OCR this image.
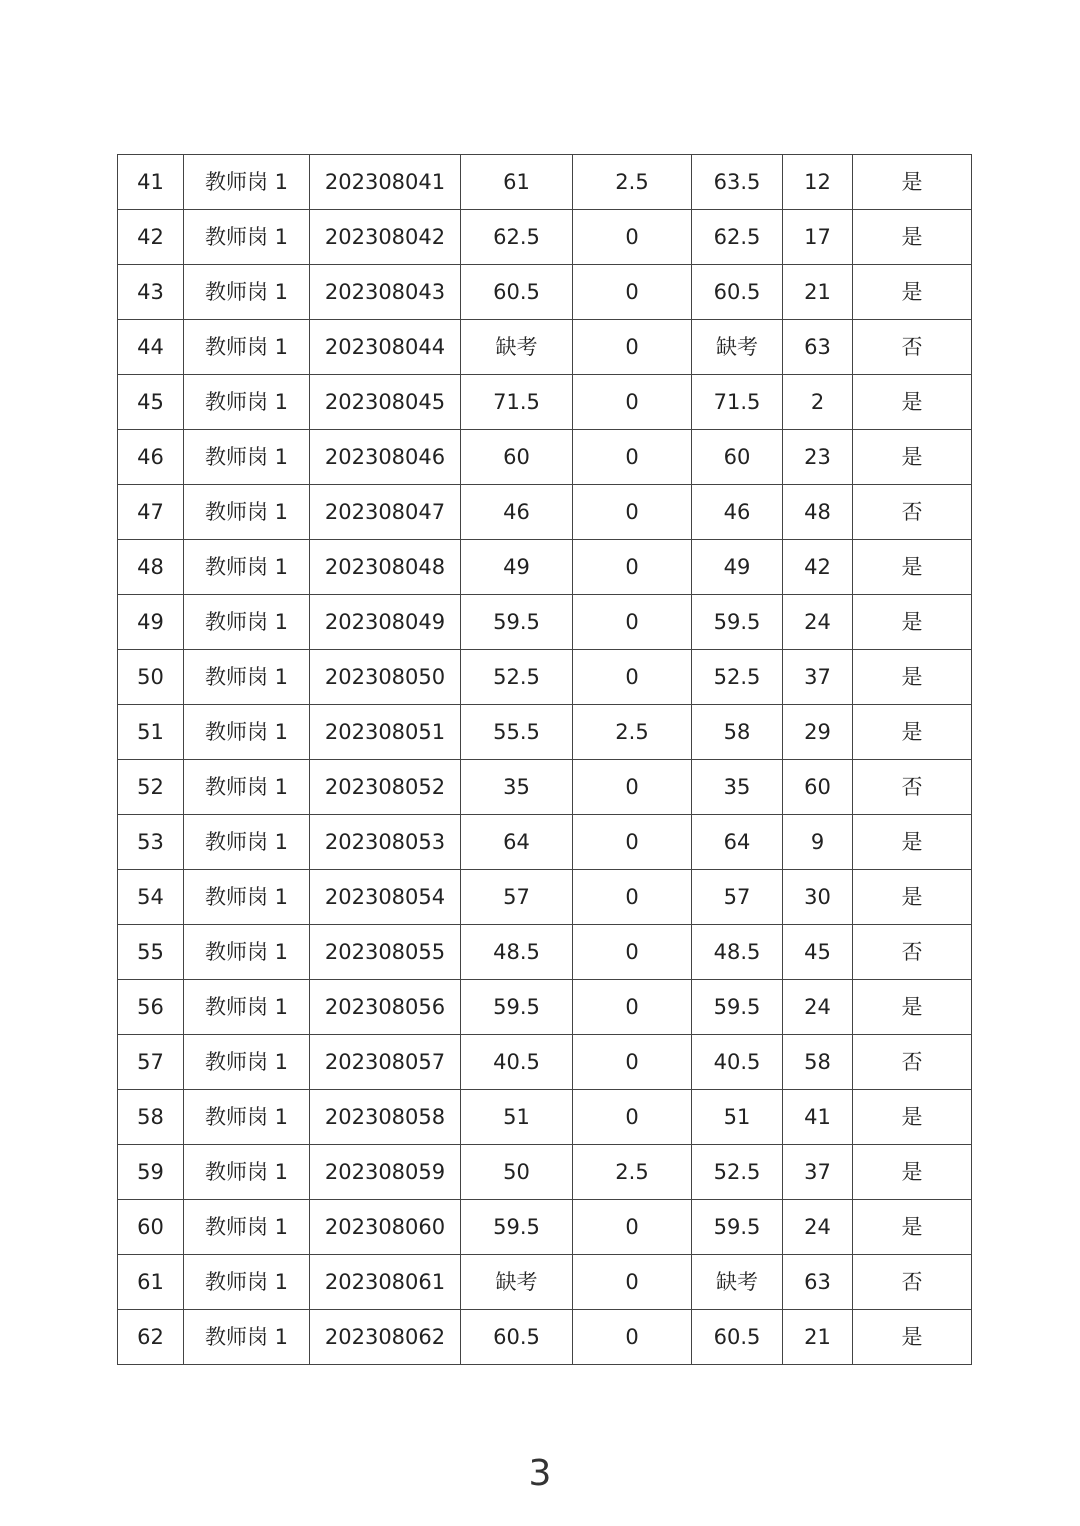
41	教师岗 1	202308041	61	2.5	63.5	12	是
42	教师岗 1	202308042	62.5	0	62.5	17	是
43	教师岗 1	202308043	60.5	0	60.5	21	是
44	教师岗 1	202308044	缺考	0	缺考	63	否
45	教师岗 1	202308045	71.5	0	71.5	2	是
46	教师岗 1	202308046	60	0	60	23	是
47	教师岗 1	202308047	46	0	46	48	否
48	教师岗 1	202308048	49	0	49	42	是
49	教师岗 1	202308049	59.5	0	59.5	24	是
50	教师岗 1	202308050	52.5	0	52.5	37	是
51	教师岗 1	202308051	55.5	2.5	58	29	是
52	教师岗 1	202308052	35	0	35	60	否
53	教师岗 1	202308053	64	0	64	9	是
54	教师岗 1	202308054	57	0	57	30	是
55	教师岗 1	202308055	48.5	0	48.5	45	否
56	教师岗 1	202308056	59.5	0	59.5	24	是
57	教师岗 1	202308057	40.5	0	40.5	58	否
58	教师岗 1	202308058	51	0	51	41	是
59	教师岗 1	202308059	50	2.5	52.5	37	是
60	教师岗 1	202308060	59.5	0	59.5	24	是
61	教师岗 1	202308061	缺考	0	缺考	63	否
62	教师岗 1	202308062	60.5	0	60.5	21	是
3
